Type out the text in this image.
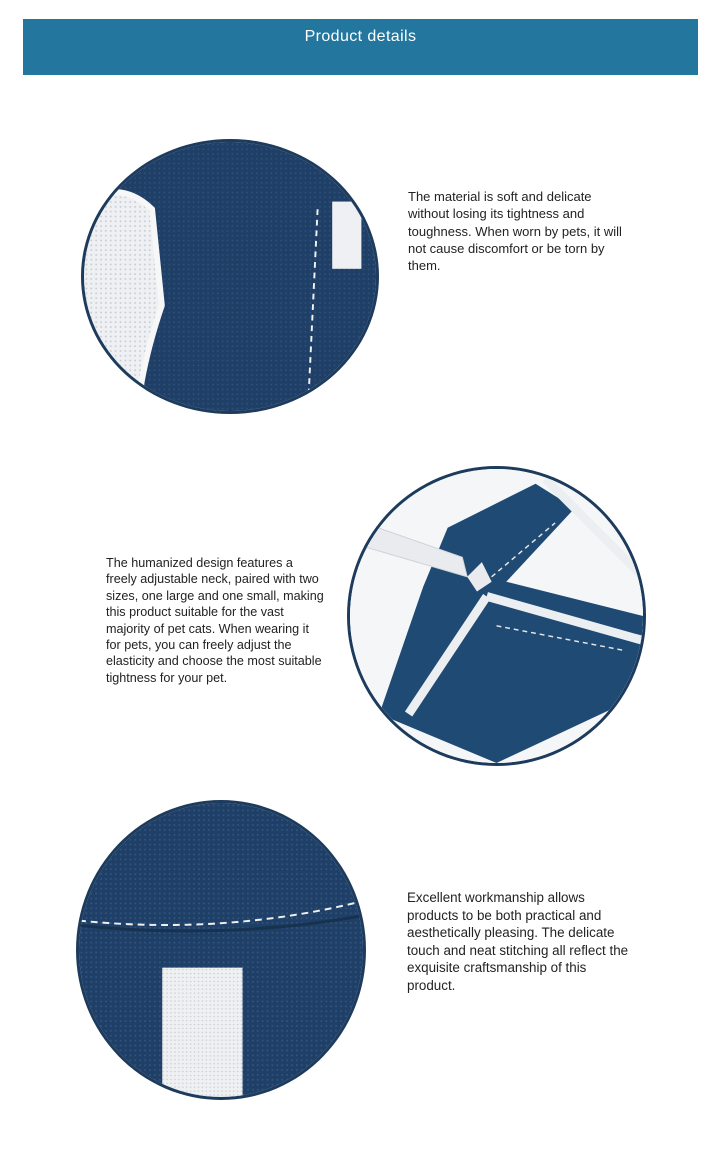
Product details

The material is soft and delicate without losing its tightness and toughness. When worn by pets, it will not cause discomfort or be torn by them.

The humanized design features a freely adjustable neck, paired with two sizes, one large and one small, making this product suitable for the vast majority of pet cats. When wearing it for pets, you can freely adjust the elasticity and choose the most suitable tightness for your pet.

Excellent workmanship allows products to be both practical and aesthetically pleasing. The delicate touch and neat stitching all reflect the exquisite craftsmanship of this product.
